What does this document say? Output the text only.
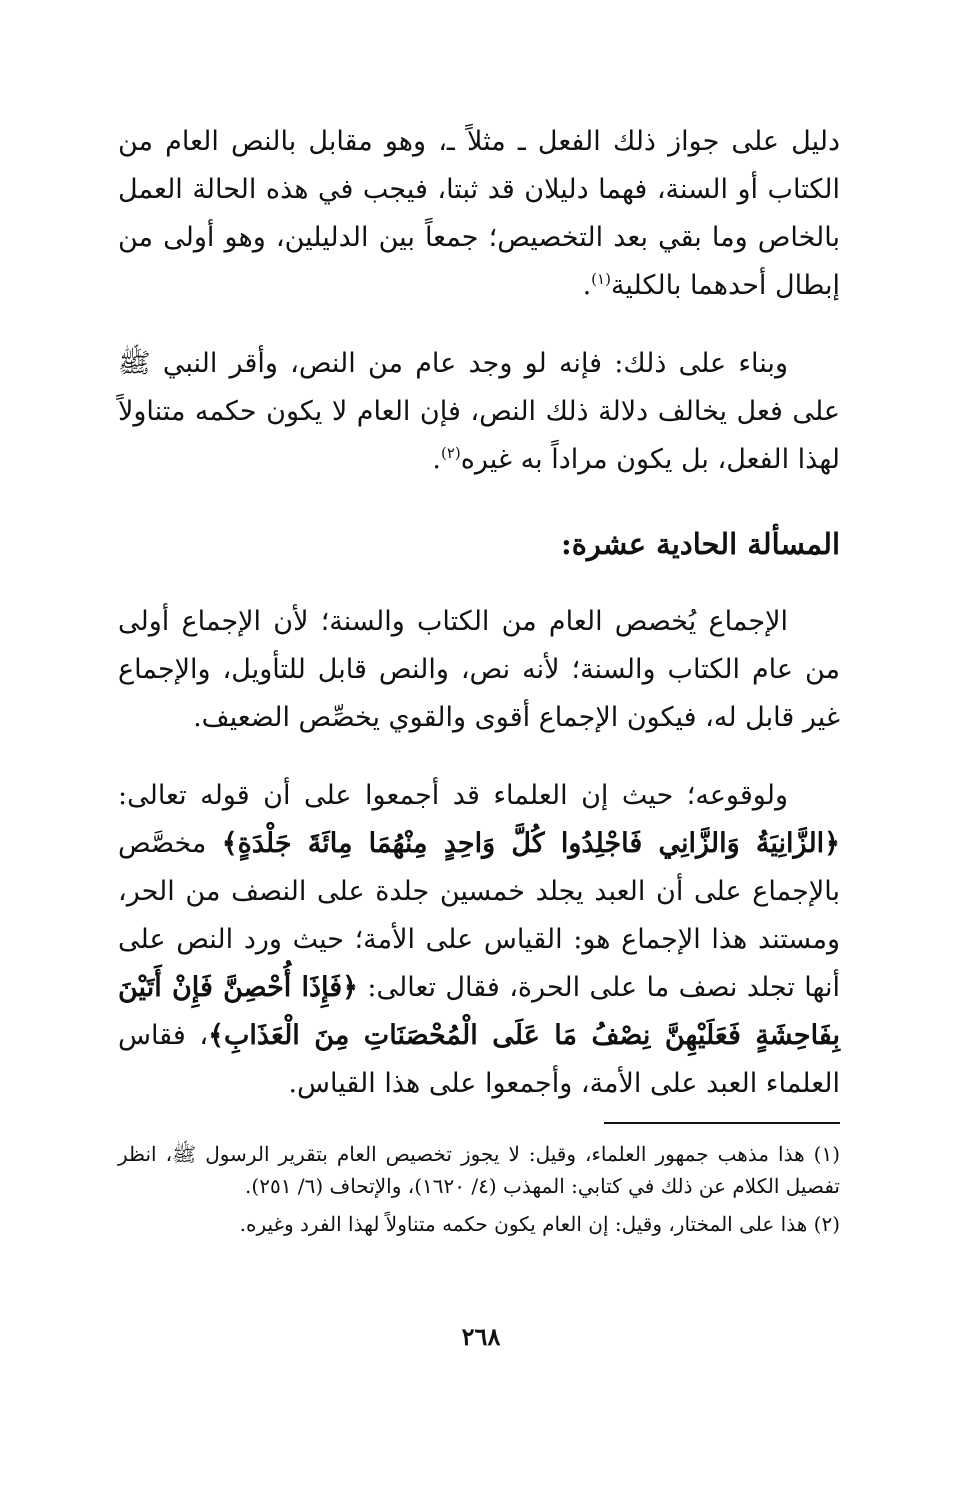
دليل على جواز ذلك الفعل ـ مثلاً ـ، وهو مقابل بالنص العام من الكتاب أو السنة، فهما دليلان قد ثبتا، فيجب في هذه الحالة العمل بالخاص وما بقي بعد التخصيص؛ جمعاً بين الدليلين، وهو أولى من إبطال أحدهما بالكلية$^{(١)}$.

وبناء على ذلك: فإنه لو وجد عام من النص، وأقر النبي ﷺ على فعل يخالف دلالة ذلك النص، فإن العام لا يكون حكمه متناولاً لهذا الفعل، بل يكون مراداً به غيره$^{(٢)}$.

المسألة الحادية عشرة:

الإجماع يُخصص العام من الكتاب والسنة؛ لأن الإجماع أولى من عام الكتاب والسنة؛ لأنه نص، والنص قابل للتأويل، والإجماع غير قابل له، فيكون الإجماع أقوى والقوي يخصِّص الضعيف.

ولوقوعه؛ حيث إن العلماء قد أجمعوا على أن قوله تعالى: ﴿الزَّانِيَةُ وَالزَّانِي فَاجْلِدُوا كُلَّ وَاحِدٍ مِنْهُمَا مِائَةَ جَلْدَةٍ﴾ مخصَّص بالإجماع على أن العبد يجلد خمسين جلدة على النصف من الحر، ومستند هذا الإجماع هو: القياس على الأمة؛ حيث ورد النص على أنها تجلد نصف ما على الحرة، فقال تعالى: ﴿فَإِذَا أُحْصِنَّ فَإِنْ أَتَيْنَ بِفَاحِشَةٍ فَعَلَيْهِنَّ نِصْفُ مَا عَلَى الْمُحْصَنَاتِ مِنَ الْعَذَابِ﴾، فقاس العلماء العبد على الأمة، وأجمعوا على هذا القياس.

(١) هذا مذهب جمهور العلماء، وقيل: لا يجوز تخصيص العام بتقرير الرسول ﷺ، انظر تفصيل الكلام عن ذلك في كتابي: المهذب (٤/ ١٦٢٠)، والإتحاف (٦/ ٢٥١).

(٢) هذا على المختار، وقيل: إن العام يكون حكمه متناولاً لهذا الفرد وغيره.

٢٦٨
